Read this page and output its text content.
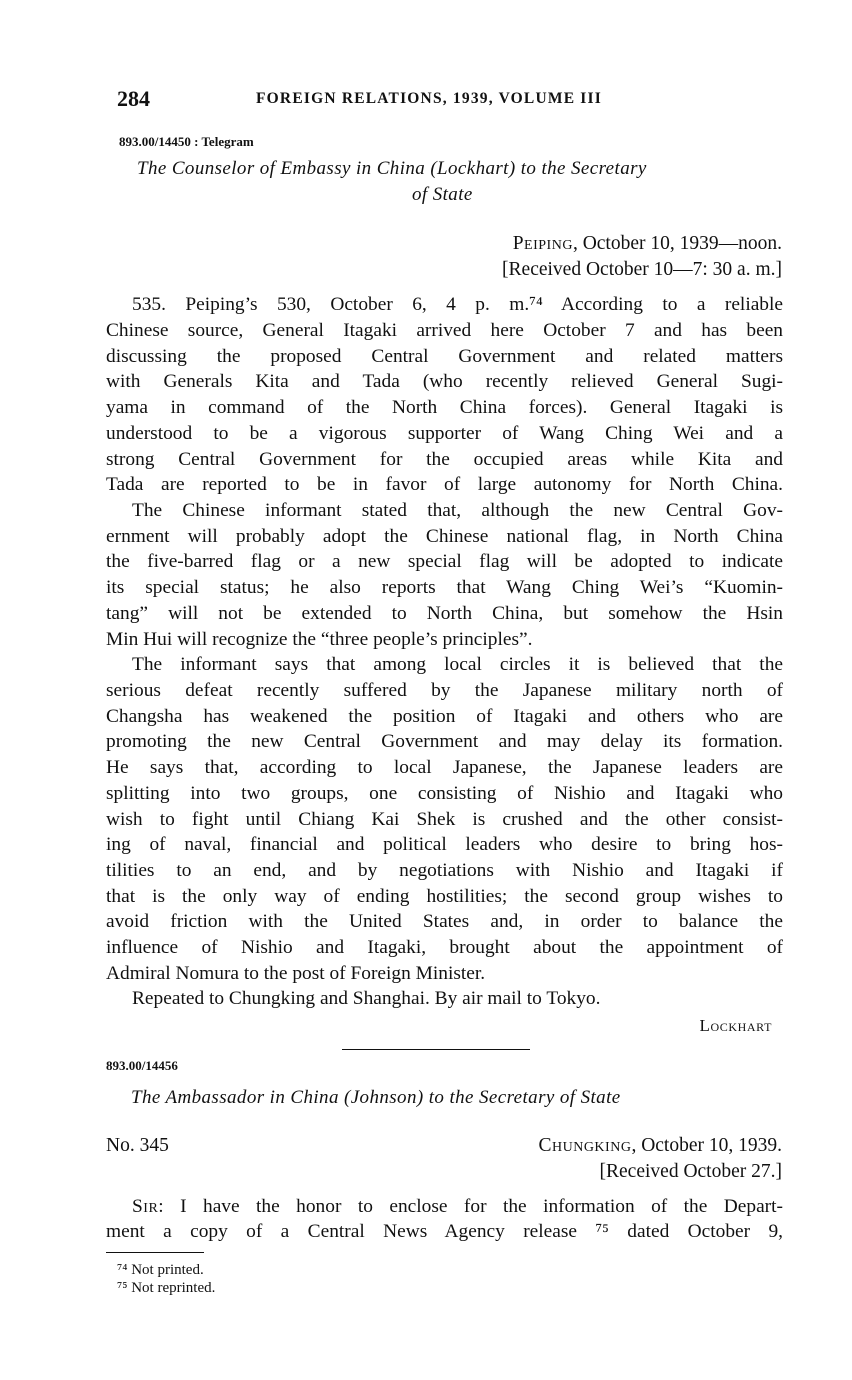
284	FOREIGN RELATIONS, 1939, VOLUME III
893.00/14450 : Telegram
The Counselor of Embassy in China (Lockhart) to the Secretary
of State
Peiping, October 10, 1939—noon.
[Received October 10—7: 30 a. m.]
535. Peiping’s 530, October 6, 4 p. m.⁷⁴ According to a reliable
Chinese source, General Itagaki arrived here October 7 and has been
discussing the proposed Central Government and related matters
with Generals Kita and Tada (who recently relieved General Sugi-
yama in command of the North China forces). General Itagaki is
understood to be a vigorous supporter of Wang Ching Wei and a
strong Central Government for the occupied areas while Kita and
Tada are reported to be in favor of large autonomy for North China.
The Chinese informant stated that, although the new Central Gov-
ernment will probably adopt the Chinese national flag, in North China
the five-barred flag or a new special flag will be adopted to indicate
its special status; he also reports that Wang Ching Wei’s “Kuomin-
tang” will not be extended to North China, but somehow the Hsin
Min Hui will recognize the “three people’s principles”.
The informant says that among local circles it is believed that the
serious defeat recently suffered by the Japanese military north of
Changsha has weakened the position of Itagaki and others who are
promoting the new Central Government and may delay its formation.
He says that, according to local Japanese, the Japanese leaders are
splitting into two groups, one consisting of Nishio and Itagaki who
wish to fight until Chiang Kai Shek is crushed and the other consist-
ing of naval, financial and political leaders who desire to bring hos-
tilities to an end, and by negotiations with Nishio and Itagaki if
that is the only way of ending hostilities; the second group wishes to
avoid friction with the United States and, in order to balance the
influence of Nishio and Itagaki, brought about the appointment of
Admiral Nomura to the post of Foreign Minister.
Repeated to Chungking and Shanghai. By air mail to Tokyo.
Lockhart
893.00/14456
The Ambassador in China (Johnson) to the Secretary of State
No. 345	Chungking, October 10, 1939.
[Received October 27.]
Sir: I have the honor to enclose for the information of the Depart-
ment a copy of a Central News Agency release ⁷⁵ dated October 9,
⁷⁴ Not printed.
⁷⁵ Not reprinted.
